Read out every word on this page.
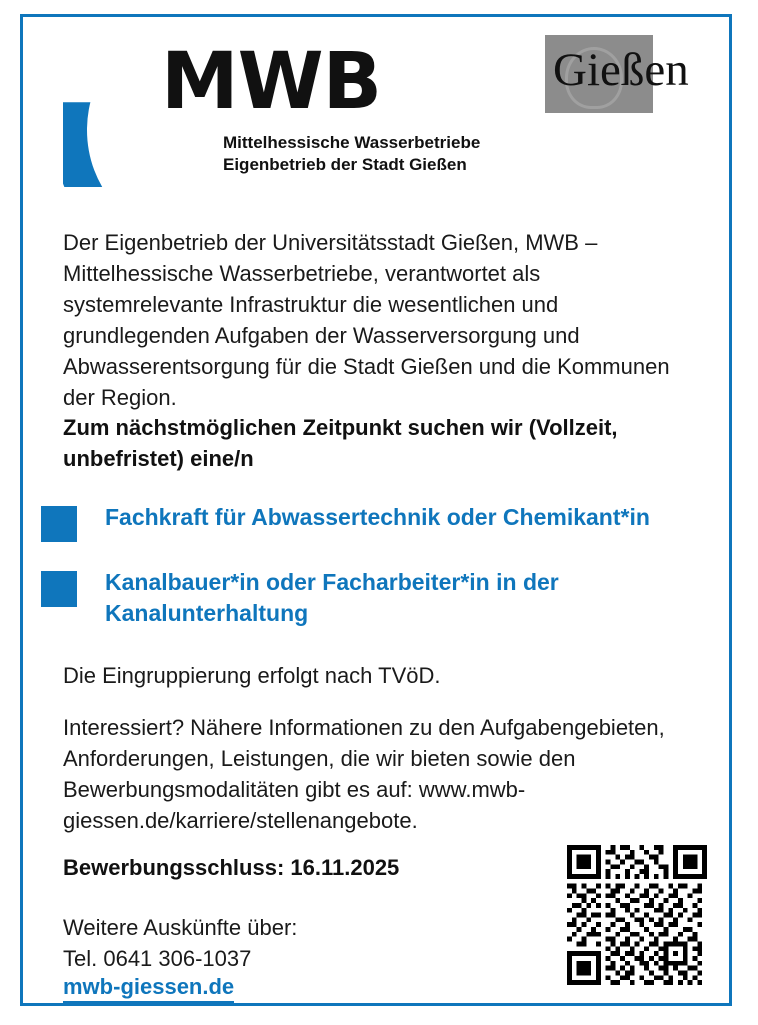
MWB
Mittelhessische Wasserbetriebe
Eigenbetrieb der Stadt Gießen
Gießen
Der Eigenbetrieb der Universitätsstadt Gießen, MWB – Mittelhessische Wasserbetriebe, verantwortet als systemrelevante Infrastruktur die wesentlichen und grundlegenden Aufgaben der Wasserversorgung und Abwasserentsorgung für die Stadt Gießen und die Kommunen der Region.
Zum nächstmöglichen Zeitpunkt suchen wir (Vollzeit, unbefristet) eine/n
Fachkraft für Abwassertechnik oder Chemikant*in
Kanalbauer*in oder Facharbeiter*in in der Kanalunterhaltung
Die Eingruppierung erfolgt nach TVöD.
Interessiert? Nähere Informationen zu den Aufgabengebieten, Anforderungen, Leistungen, die wir bieten sowie den Bewerbungsmodalitäten gibt es auf: www.mwb-giessen.de/karriere/stellenangebote.
Bewerbungsschluss: 16.11.2025
Weitere Auskünfte über:
Tel. 0641 306-1037
mwb-giessen.de
